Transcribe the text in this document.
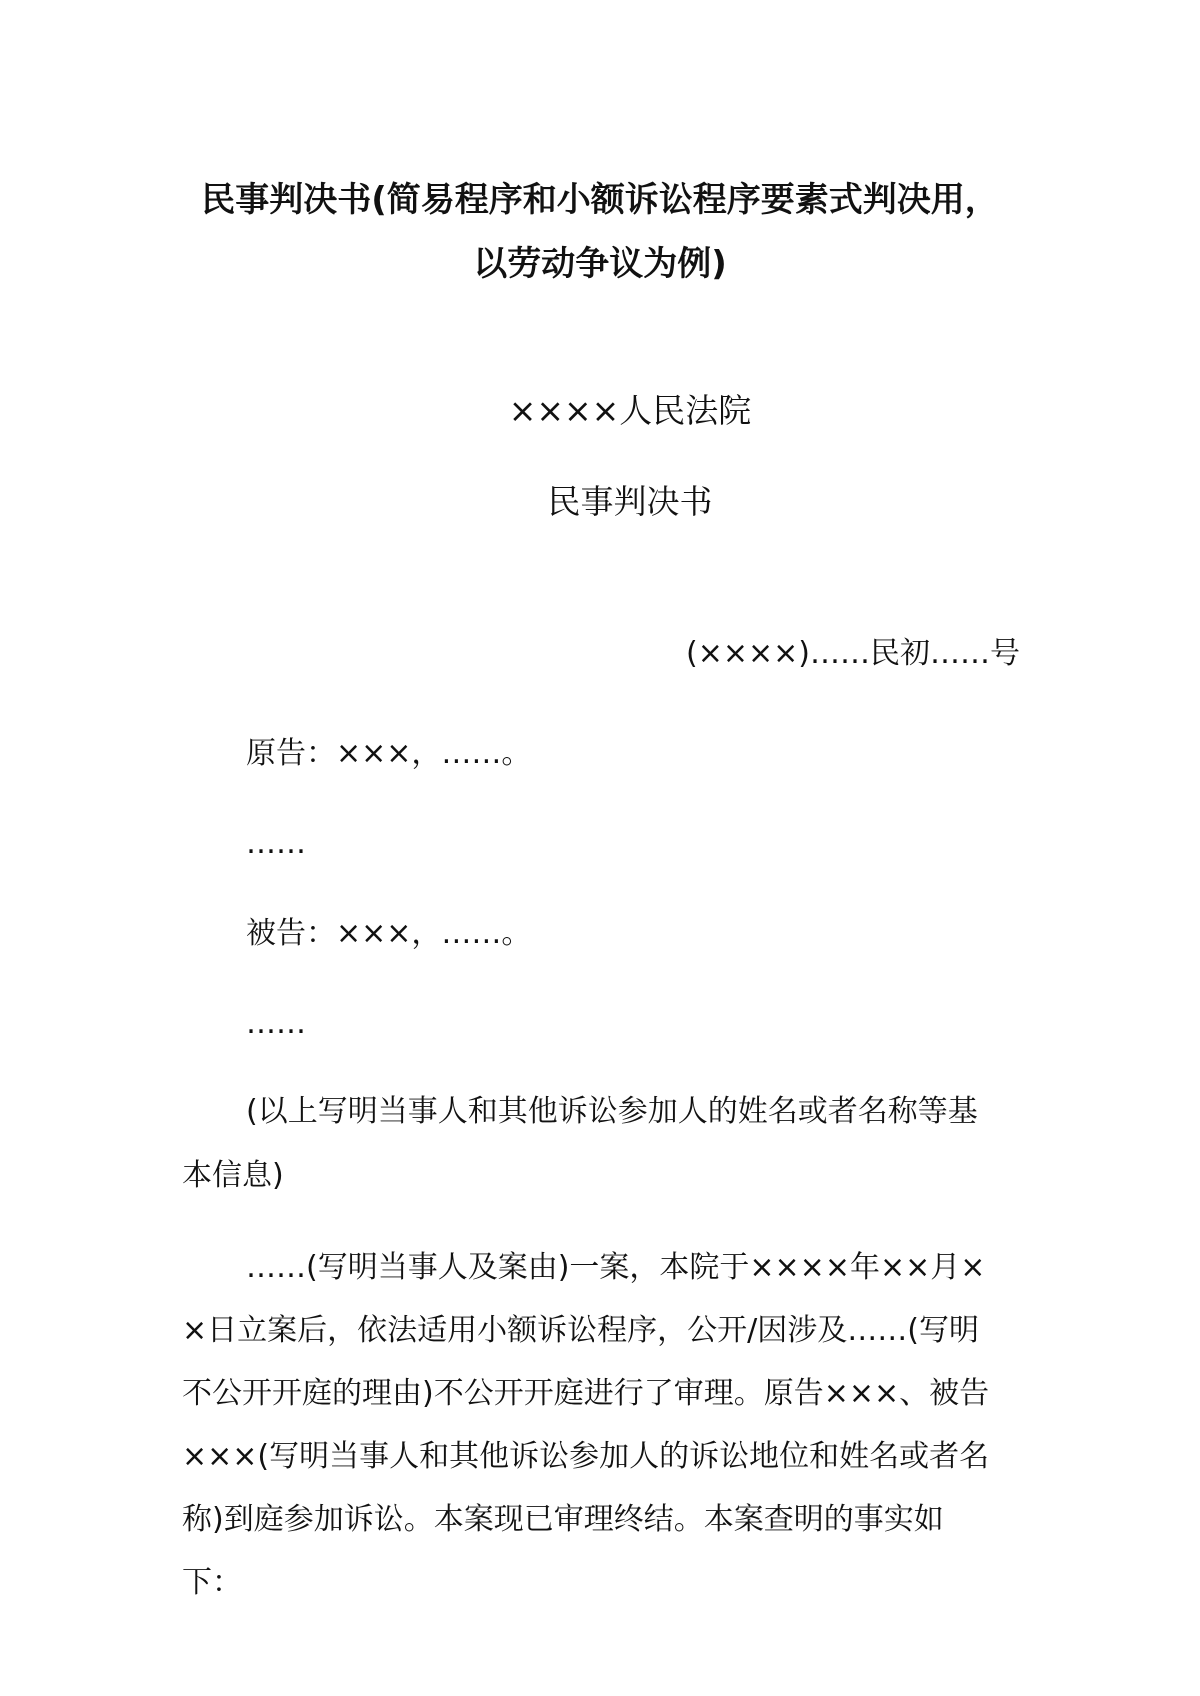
民事判决书(简易程序和小额诉讼程序要素式判决用，
以劳动争议为例)
××××人民法院
民事判决书
(××××)……民初……号
原告：×××，……。
……
被告：×××，……。
……
(以上写明当事人和其他诉讼参加人的姓名或者名称等基本信息)
……(写明当事人及案由)一案，本院于××××年××月××日立案后，依法适用小额诉讼程序，公开/因涉及……(写明不公开开庭的理由)不公开开庭进行了审理。原告×××、被告×××(写明当事人和其他诉讼参加人的诉讼地位和姓名或者名称)到庭参加诉讼。本案现已审理终结。本案查明的事实如下：
